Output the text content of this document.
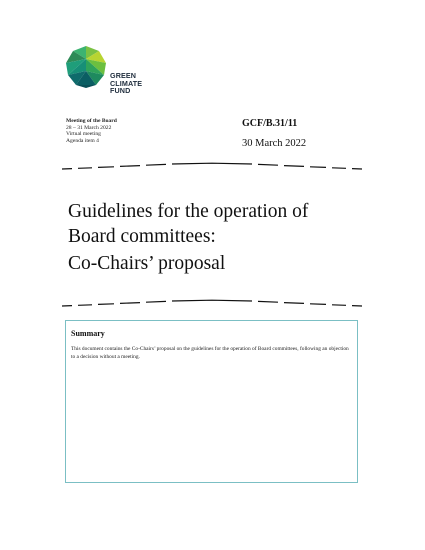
GREEN
CLIMATE
FUND
Meeting of the Board
28 – 31 March 2022
Virtual meeting
Agenda item 4
GCF/B.31/11
30 March 2022
Guidelines for the operation of
Board committees:
Co-Chairs’ proposal
Summary
This document contains the Co-Chairs’ proposal on the guidelines for the operation of Board committees, following an objection to a decision without a meeting.
